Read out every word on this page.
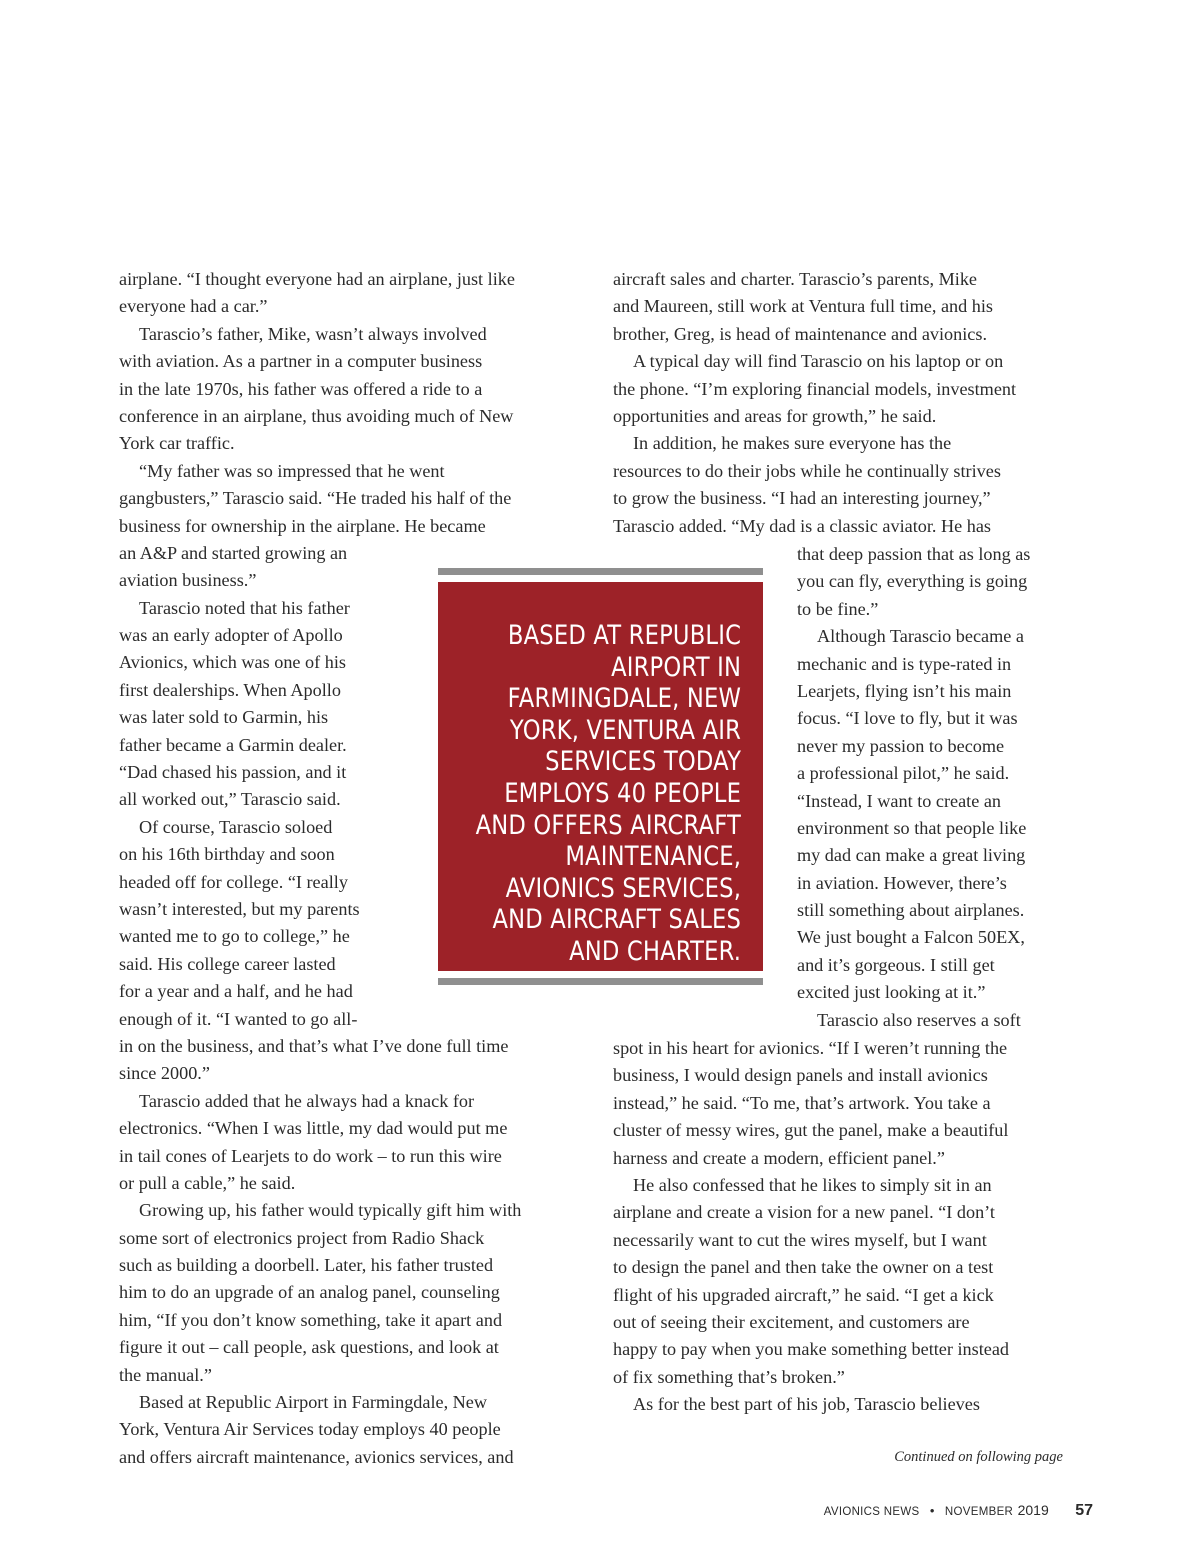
airplane. “I thought everyone had an airplane, just like
everyone had a car.”
Tarascio’s father, Mike, wasn’t always involved
with aviation. As a partner in a computer business
in the late 1970s, his father was offered a ride to a
conference in an airplane, thus avoiding much of New
York car traffic.
“My father was so impressed that he went
gangbusters,” Tarascio said. “He traded his half of the
business for ownership in the airplane. He became
an A&P and started growing an
aviation business.”
Tarascio noted that his father
was an early adopter of Apollo
Avionics, which was one of his
first dealerships. When Apollo
was later sold to Garmin, his
father became a Garmin dealer.
“Dad chased his passion, and it
all worked out,” Tarascio said.
Of course, Tarascio soloed
on his 16th birthday and soon
headed off for college. “I really
wasn’t interested, but my parents
wanted me to go to college,” he
said. His college career lasted
for a year and a half, and he had
enough of it. “I wanted to go all-
in on the business, and that’s what I’ve done full time
since 2000.”
Tarascio added that he always had a knack for
electronics. “When I was little, my dad would put me
in tail cones of Learjets to do work – to run this wire
or pull a cable,” he said.
Growing up, his father would typically gift him with
some sort of electronics project from Radio Shack
such as building a doorbell. Later, his father trusted
him to do an upgrade of an analog panel, counseling
him, “If you don’t know something, take it apart and
figure it out – call people, ask questions, and look at
the manual.”
Based at Republic Airport in Farmingdale, New
York, Ventura Air Services today employs 40 people
and offers aircraft maintenance, avionics services, and
aircraft sales and charter. Tarascio’s parents, Mike
and Maureen, still work at Ventura full time, and his
brother, Greg, is head of maintenance and avionics.
A typical day will find Tarascio on his laptop or on
the phone. “I’m exploring financial models, investment
opportunities and areas for growth,” he said.
In addition, he makes sure everyone has the
resources to do their jobs while he continually strives
to grow the business. “I had an interesting journey,”
Tarascio added. “My dad is a classic aviator. He has
that deep passion that as long as
you can fly, everything is going
to be fine.”
Although Tarascio became a
mechanic and is type-rated in
Learjets, flying isn’t his main
focus. “I love to fly, but it was
never my passion to become
a professional pilot,” he said.
“Instead, I want to create an
environment so that people like
my dad can make a great living
in aviation. However, there’s
still something about airplanes.
We just bought a Falcon 50EX,
and it’s gorgeous. I still get
excited just looking at it.”
Tarascio also reserves a soft
spot in his heart for avionics. “If I weren’t running the
business, I would design panels and install avionics
instead,” he said. “To me, that’s artwork. You take a
cluster of messy wires, gut the panel, make a beautiful
harness and create a modern, efficient panel.”
He also confessed that he likes to simply sit in an
airplane and create a vision for a new panel. “I don’t
necessarily want to cut the wires myself, but I want
to design the panel and then take the owner on a test
flight of his upgraded aircraft,” he said. “I get a kick
out of seeing their excitement, and customers are
happy to pay when you make something better instead
of fix something that’s broken.”
As for the best part of his job, Tarascio believes
BASED AT REPUBLIC
AIRPORT IN
FARMINGDALE, NEW
YORK, VENTURA AIR
SERVICES TODAY
EMPLOYS 40 PEOPLE
AND OFFERS AIRCRAFT
MAINTENANCE,
AVIONICS SERVICES,
AND AIRCRAFT SALES
AND CHARTER.
Continued on following page
AVIONICS NEWS • NOVEMBER 2019 57
